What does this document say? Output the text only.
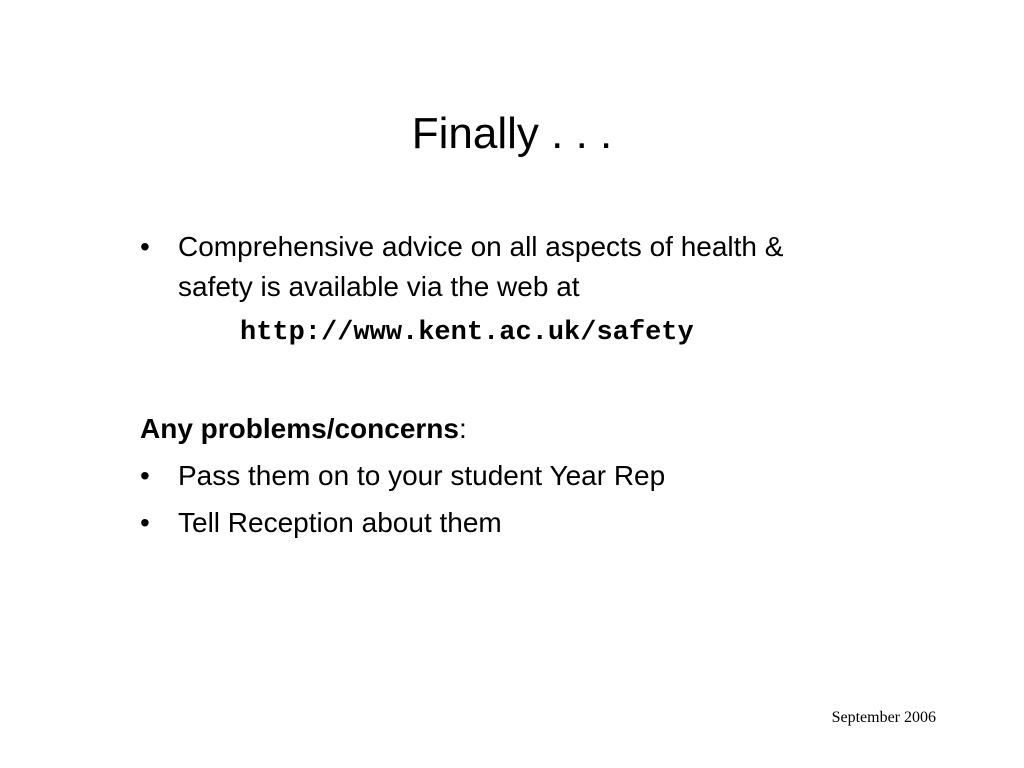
Finally . . .
• Comprehensive advice on all aspects of health &
safety is available via the web at
http://www.kent.ac.uk/safety
Any problems/concerns:
• Pass them on to your student Year Rep
• Tell Reception about them
September 2006
